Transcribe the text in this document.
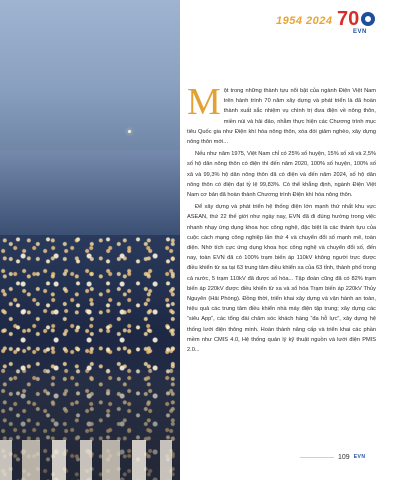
1954 2024 70
EVN

Một trong những thành tựu nổi bật của ngành Điện Việt Nam trên hành trình 70 năm xây dựng và phát triển là đã hoàn thành xuất sắc nhiệm vụ chính trị đưa điện về nông thôn, miền núi và hải đảo, nhằm thực hiện các Chương trình mục tiêu Quốc gia như Điện khí hóa nông thôn, xóa đói giảm nghèo, xây dựng nông thôn mới...

Nếu như năm 1975, Việt Nam chỉ có 25% số huyện, 15% số xã và 2,5% số hộ dân nông thôn có điện thì đến năm 2020, 100% số huyện, 100% số xã và 99,3% hộ dân nông thôn đã có điện và đến năm 2024, số hộ dân nông thôn có điện đạt tỷ lệ 99,83%. Có thể khẳng định, ngành Điện Việt Nam cơ bản đã hoàn thành Chương trình Điện khí hóa nông thôn.

Để xây dựng và phát triển hệ thống điện lớn mạnh thứ nhất khu vực ASEAN, thứ 22 thế giới như ngày nay, EVN đã đi đúng hướng trong việc nhanh nhạy ứng dụng khoa học công nghệ, đặc biệt là các thành tựu của cuộc cách mạng công nghiệp lần thứ 4 và chuyển đổi số mạnh mẽ, toàn diện. Nhờ tích cực ứng dụng khoa học công nghệ và chuyển đổi số, đến nay, toàn EVN đã có 100% trạm biến áp 110kV không người trực được điều khiển từ xa tại 63 trung tâm điều khiển xa của 63 tỉnh, thành phố trong cả nước, 5 trạm 110kV đã được số hóa... Tập đoàn cũng đã có 82% trạm biến áp 220kV được điều khiển từ xa và số hóa Trạm biến áp 220kV Thủy Nguyên (Hải Phòng). Đồng thời, triển khai xây dựng và vận hành an toàn, hiệu quả các trung tâm điều khiển nhà máy điện tập trung; xây dựng các “siêu App”, các tổng đài chăm sóc khách hàng “đa hỗ lực”, xây dựng hệ thống lưới điện thông minh. Hoàn thành nâng cấp và triển khai các phần mềm như CMIS 4.0, Hệ thống quản lý kỹ thuật nguồn và lưới điện PMIS 2.0...

109 EVN
